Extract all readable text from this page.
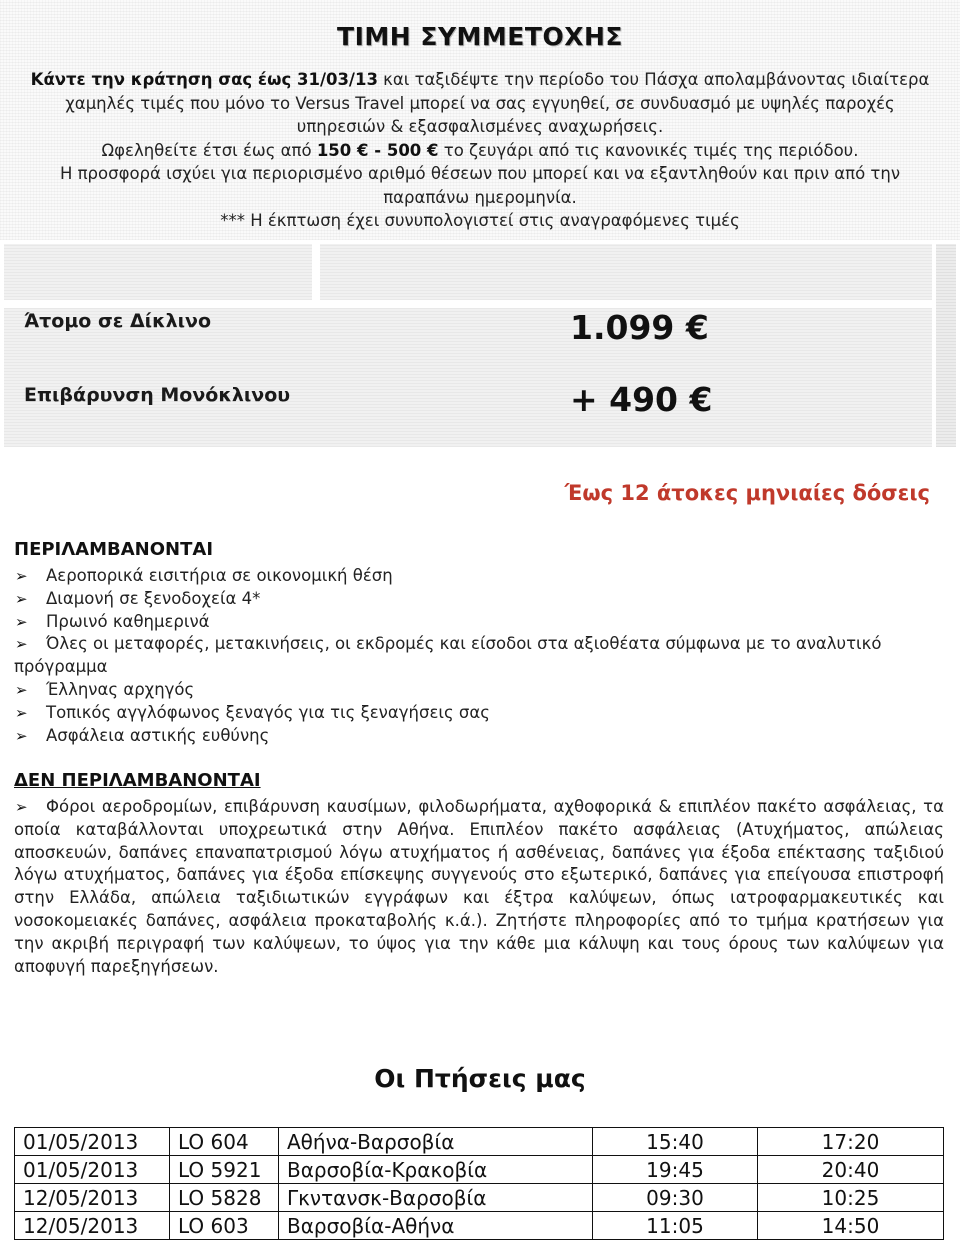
ΤΙΜΗ ΣΥΜΜΕΤΟΧΗΣ

Κάντε την κράτηση σας έως 31/03/13 και ταξιδέψτε την περίοδο του Πάσχα απολαμβάνοντας ιδιαίτερα

χαμηλές τιμές που μόνο το Versus Travel μπορεί να σας εγγυηθεί, σε συνδυασμό με υψηλές παροχές

υπηρεσιών & εξασφαλισμένες αναχωρήσεις.

Ωφεληθείτε έτσι έως από 150 € - 500 € το ζευγάρι από τις κανονικές τιμές της περιόδου.

Η προσφορά ισχύει για περιορισμένο αριθμό θέσεων που μπορεί και να εξαντληθούν και πριν από την

παραπάνω ημερομηνία.

*** Η έκπτωση έχει συνυπολογιστεί στις αναγραφόμενες τιμές

Άτομο σε Δίκλινο	1.099 €
Επιβάρυνση Μονόκλινου	+ 490 €
Έως 12 άτοκες μηνιαίες δόσεις
ΠΕΡΙΛΑΜΒΑΝΟΝΤΑΙ
➢ Αεροπορικά εισιτήρια σε οικονομική θέση
➢ Διαμονή σε ξενοδοχεία 4*
➢ Πρωινό καθημερινά
➢ Όλες οι μεταφορές, μετακινήσεις, οι εκδρομές και είσοδοι στα αξιοθέατα σύμφωνα με το αναλυτικό πρόγραμμα
➢ Έλληνας αρχηγός
➢ Τοπικός αγγλόφωνος ξεναγός για τις ξεναγήσεις σας
➢ Ασφάλεια αστικής ευθύνης
ΔΕΝ ΠΕΡΙΛΑΜΒΑΝΟΝΤΑΙ
➢	Φόροι αεροδρομίων, επιβάρυνση καυσίμων, φιλοδωρήματα, αχθοφορικά & επιπλέον πακέτο ασφάλειας, τα οποία καταβάλλονται υποχρεωτικά στην Αθήνα. Επιπλέον πακέτο ασφάλειας (Ατυχήματος, απώλειας αποσκευών, δαπάνες επαναπατρισμού λόγω ατυχήματος ή ασθένειας, δαπάνες για έξοδα επέκτασης ταξιδιού λόγω ατυχήματος, δαπάνες για έξοδα επίσκεψης συγγενούς στο εξωτερικό, δαπάνες για επείγουσα επιστροφή στην Ελλάδα, απώλεια ταξιδιωτικών εγγράφων και έξτρα καλύψεων, όπως ιατροφαρμακευτικές και νοσοκομειακές δαπάνες, ασφάλεια προκαταβολής κ.ά.). Ζητήστε πληροφορίες από το τμήμα κρατήσεων για την ακριβή περιγραφή των καλύψεων, το ύψος για την κάθε μια κάλυψη και τους όρους των καλύψεων για αποφυγή παρεξηγήσεων.

Οι Πτήσεις μας
01/05/2013	LO 604	Αθήνα-Βαρσοβία	15:40	17:20
01/05/2013	LO 5921	Βαρσοβία-Κρακοβία	19:45	20:40
12/05/2013	LO 5828	Γκντανσκ-Βαρσοβία	09:30	10:25
12/05/2013	LO 603	Βαρσοβία-Αθήνα	11:05	14:50
